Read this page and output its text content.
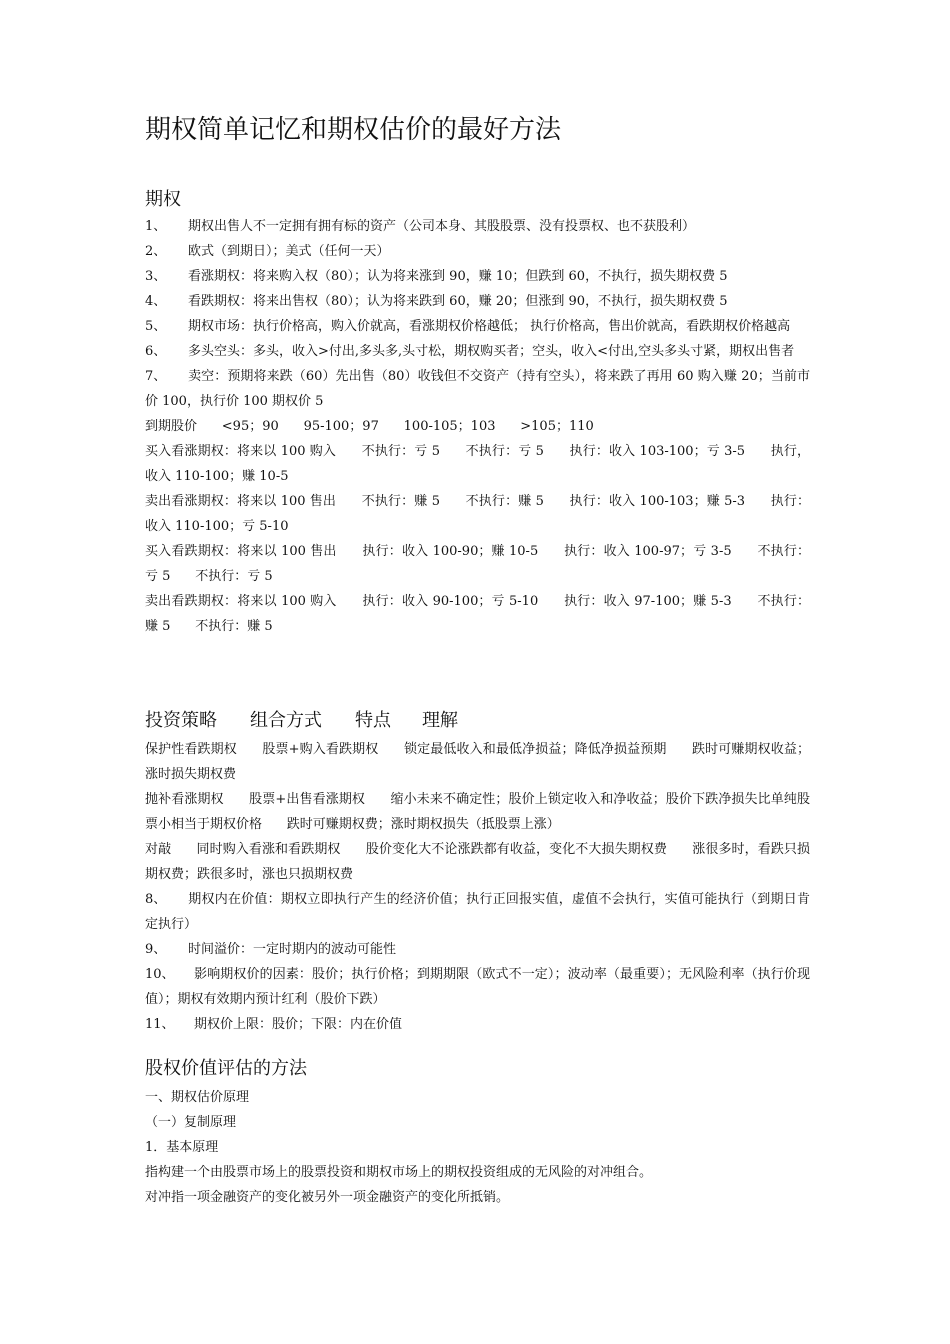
期权简单记忆和期权估价的最好方法
期权
1、 期权出售人不一定拥有拥有标的资产（公司本身、其股股票、没有投票权、也不获股利）
2、 欧式（到期日）；美式（任何一天）
3、 看涨期权：将来购入权（80）；认为将来涨到 90，赚 10；但跌到 60，不执行，损失期权费 5
4、 看跌期权：将来出售权（80）；认为将来跌到 60，赚 20；但涨到 90，不执行，损失期权费 5
5、 期权市场：执行价格高，购入价就高，看涨期权价格越低； 执行价格高，售出价就高，看跌期权价格越高
6、 多头空头：多头，收入>付出,多头多,头寸松，期权购买者；空头，收入<付出,空头多头寸紧，期权出售者
7、 卖空：预期将来跌（60）先出售（80）收钱但不交资产（持有空头），将来跌了再用 60 购入赚 20；当前市价 100，执行价 100 期权价 5
到期股价      <95；90      95-100；97      100-105；103      >105；110
买入看涨期权：将来以 100 购入      不执行：亏 5      不执行：亏 5      执行：收入 103-100；亏 3-5      执行，收入 110-100；赚 10-5
卖出看涨期权：将来以 100 售出      不执行：赚 5      不执行：赚 5      执行：收入 100-103；赚 5-3      执行：收入 110-100；亏 5-10
买入看跌期权：将来以 100 售出      执行：收入 100-90；赚 10-5      执行：收入 100-97；亏 3-5      不执行：亏 5      不执行：亏 5
卖出看跌期权：将来以 100 购入      执行：收入 90-100；亏 5-10      执行：收入 97-100；赚 5-3      不执行：赚 5      不执行：赚 5
投资策略 组合方式 特点 理解
保护性看跌期权      股票+购入看跌期权      锁定最低收入和最低净损益；降低净损益预期      跌时可赚期权收益；涨时损失期权费
抛补看涨期权      股票+出售看涨期权      缩小未来不确定性；股价上锁定收入和净收益；股价下跌净损失比单纯股票小相当于期权价格      跌时可赚期权费；涨时期权损失（抵股票上涨）
对敲      同时购入看涨和看跌期权      股价变化大不论涨跌都有收益，变化不大损失期权费      涨很多时，看跌只损期权费；跌很多时，涨也只损期权费
8、 期权内在价值：期权立即执行产生的经济价值；执行正回报实值，虚值不会执行，实值可能执行（到期日肯定执行）
9、 时间溢价：一定时期内的波动可能性
10、 影响期权价的因素：股价；执行价格；到期期限（欧式不一定）；波动率（最重要）；无风险利率（执行价现值）；期权有效期内预计红利（股价下跌）
11、 期权价上限：股价；下限：内在价值
股权价值评估的方法
一、期权估价原理
（一）复制原理
1．基本原理
指构建一个由股票市场上的股票投资和期权市场上的期权投资组成的无风险的对冲组合。
对冲指一项金融资产的变化被另外一项金融资产的变化所抵销。
